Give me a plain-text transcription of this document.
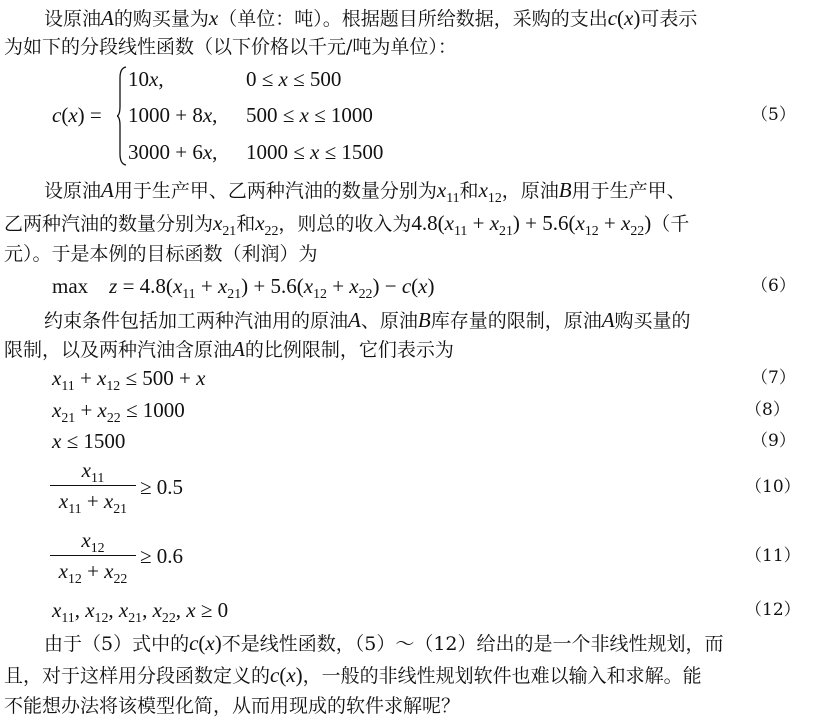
设原油A的购买量为x（单位：吨）。根据题目所给数据，采购的支出c(x)可表示
为如下的分段线性函数（以下价格以千元/吨为单位）：
c(x) =
10x,	0 ≤ x ≤ 500
1000 + 8x, 500 ≤ x ≤ 1000
3000 + 6x, 1000 ≤ x ≤ 1500
（5）
设原油A用于生产甲、乙两种汽油的数量分别为$x_{11}$和$x_{12}$，原油B用于生产甲、
乙两种汽油的数量分别为$x_{21}$和$x_{22}$，则总的收入为$4.8(x_{11} + x_{21}) + 5.6(x_{12} + x_{22})$（千
元）。于是本例的目标函数（利润）为
max    $z = 4.8(x_{11} + x_{21}) + 5.6(x_{12} + x_{22}) - c(x)$	（6）
约束条件包括加工两种汽油用的原油A、原油B库存量的限制，原油A购买量的
限制，以及两种汽油含原油A的比例限制，它们表示为
$x_{11} + x_{12} \le 500 + x$	（7）
$x_{21} + x_{22} \le 1000$	（8）
x ≤ 1500	（9）
$x_{11}$
$x_{11} + x_{21}$
≥ 0.5	（10）
$x_{12}$
$x_{12} + x_{22}$
≥ 0.6	（11）
$x_{11}$, $x_{12}$, $x_{21}$, $x_{22}$, x ≥ 0	（12）
由于（5）式中的c(x)不是线性函数，（5）～（12）给出的是一个非线性规划，而
且，对于这样用分段函数定义的c(x)，一般的非线性规划软件也难以输入和求解。能
不能想办法将该模型化简，从而用现成的软件求解呢？
